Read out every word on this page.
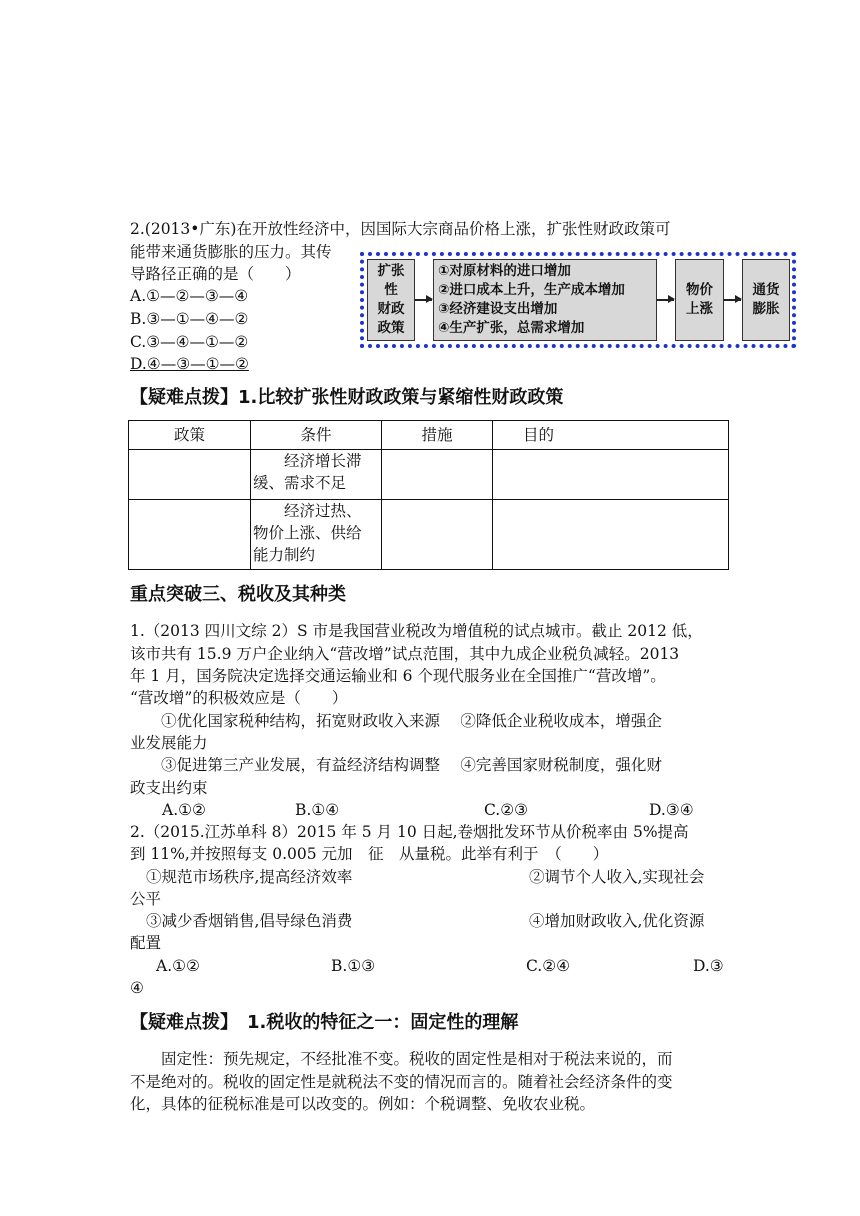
2.(2013•广东)在开放性经济中，因国际大宗商品价格上涨，扩张性财政政策可
能带来通货膨胀的压力。其传
导路径正确的是（　　）
A.①—②—③—④
B.③—①—④—②
C.③—④—①—②
D.④—③—①—②
扩张
性
财政
政策
①对原材料的进口增加
②进口成本上升，生产成本增加
③经济建设支出增加
④生产扩张，总需求增加
物价
上涨
通货
膨胀
【疑难点拨】1.比较扩张性财政政策与紧缩性财政政策
政策	条件	措施	目的

	　　经济增长滞
缓、需求不足		

	　　经济过热、
物价上涨、供给
能力制约		

重点突破三、税收及其种类
1.（2013 四川文综 2）S 市是我国营业税改为增值税的试点城市。截止 2012 低，
该市共有 15.9 万户企业纳入“营改增”试点范围，其中九成企业税负减轻。2013
年 1 月，国务院决定选择交通运输业和 6 个现代服务业在全国推广“营改增”。
“营改增”的积极效应是（　　）
　　①优化国家税种结构，拓宽财政收入来源　 ②降低企业税收成本，增强企
业发展能力
　　③促进第三产业发展，有益经济结构调整　 ④完善国家财税制度，强化财
政支出约束
A.①②	B.①④	C.②③	D.③④
2.（2015.江苏单科 8）2015 年 5 月 10 日起,卷烟批发环节从价税率由 5%提高
到 11%,并按照每支 0.005 元加　征　从量税。此举有利于　（　　）
①规范市场秩序,提高经济效率	②调节个人收入,实现社会
公平
③减少香烟销售,倡导绿色消费	④增加财政收入,优化资源
配置
A.①②	B.①③	C.②④	D.③
④
【疑难点拨】　1.税收的特征之一：固定性的理解
　　固定性：预先规定，不经批准不变。税收的固定性是相对于税法来说的，而
不是绝对的。税收的固定性是就税法不变的情况而言的。随着社会经济条件的变
化，具体的征税标准是可以改变的。例如：个税调整、免收农业税。
